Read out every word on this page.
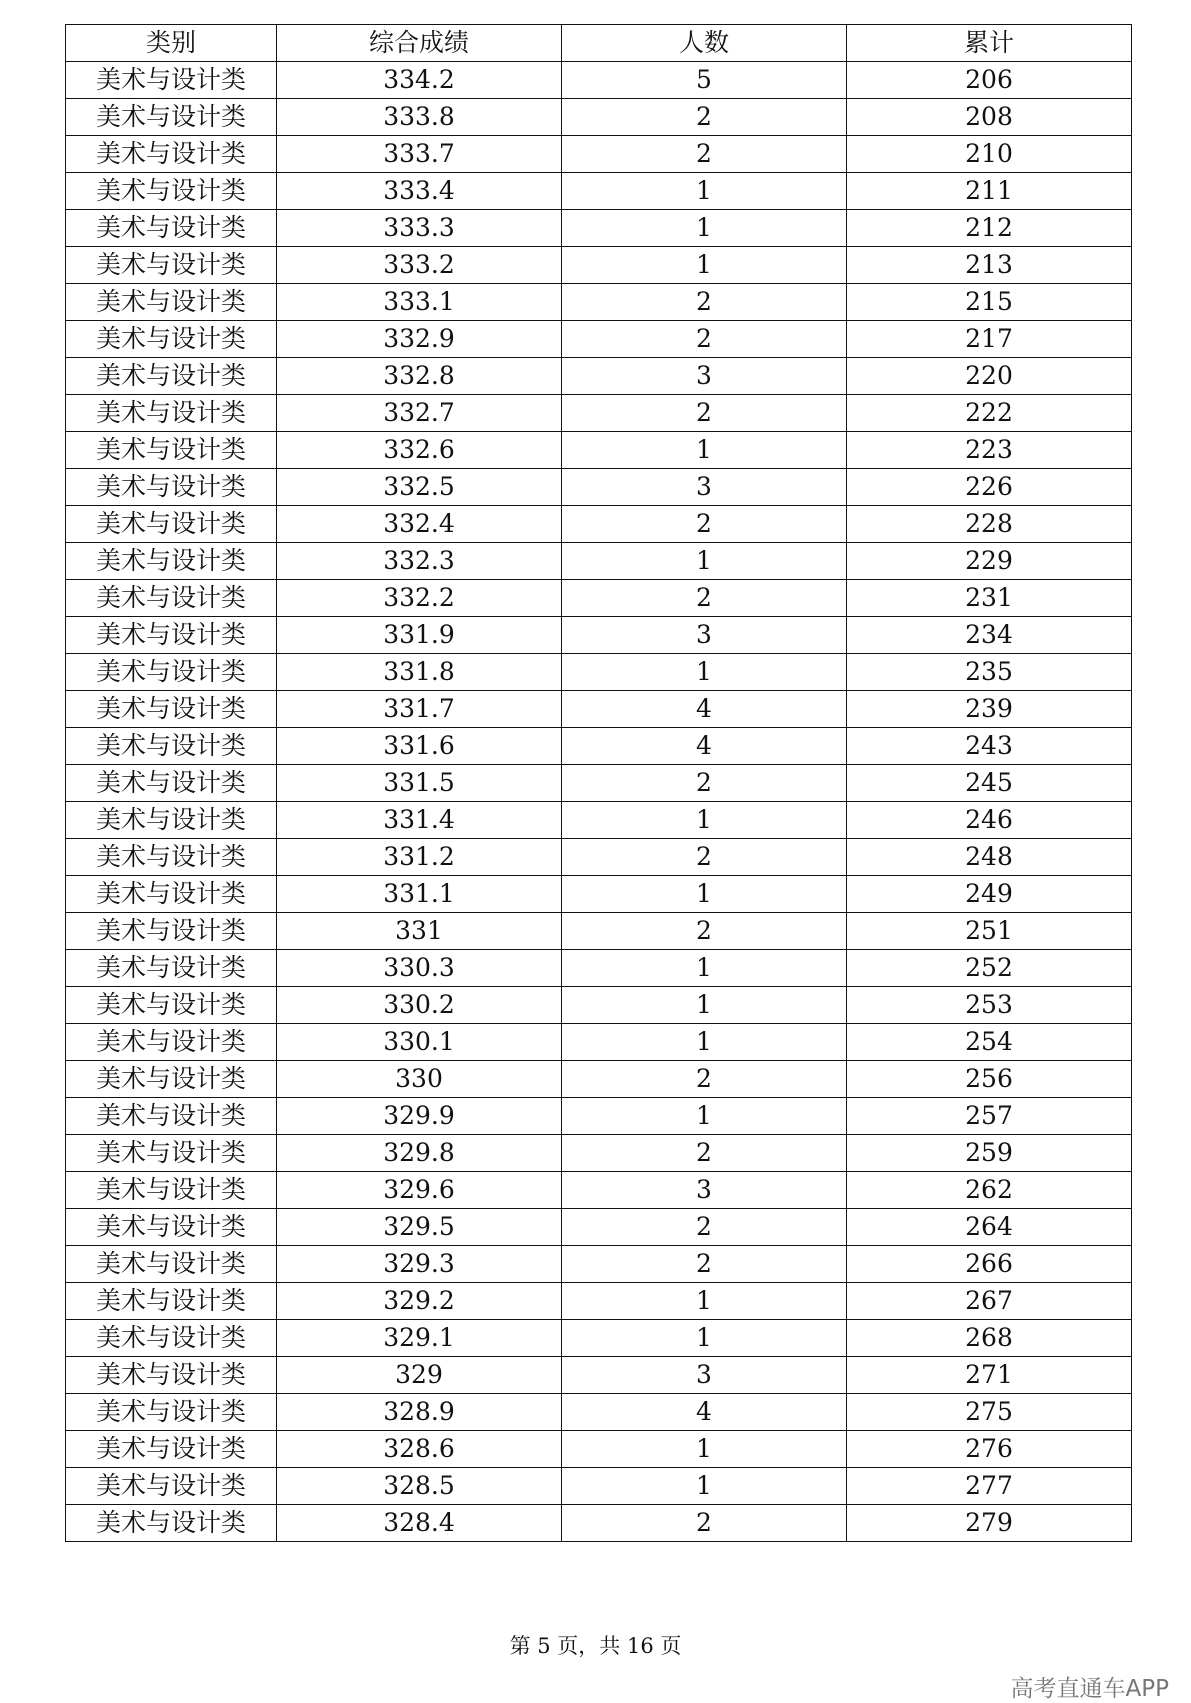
类别	综合成绩	人数	累计
美术与设计类	334.2	5	206
美术与设计类	333.8	2	208
美术与设计类	333.7	2	210
美术与设计类	333.4	1	211
美术与设计类	333.3	1	212
美术与设计类	333.2	1	213
美术与设计类	333.1	2	215
美术与设计类	332.9	2	217
美术与设计类	332.8	3	220
美术与设计类	332.7	2	222
美术与设计类	332.6	1	223
美术与设计类	332.5	3	226
美术与设计类	332.4	2	228
美术与设计类	332.3	1	229
美术与设计类	332.2	2	231
美术与设计类	331.9	3	234
美术与设计类	331.8	1	235
美术与设计类	331.7	4	239
美术与设计类	331.6	4	243
美术与设计类	331.5	2	245
美术与设计类	331.4	1	246
美术与设计类	331.2	2	248
美术与设计类	331.1	1	249
美术与设计类	331	2	251
美术与设计类	330.3	1	252
美术与设计类	330.2	1	253
美术与设计类	330.1	1	254
美术与设计类	330	2	256
美术与设计类	329.9	1	257
美术与设计类	329.8	2	259
美术与设计类	329.6	3	262
美术与设计类	329.5	2	264
美术与设计类	329.3	2	266
美术与设计类	329.2	1	267
美术与设计类	329.1	1	268
美术与设计类	329	3	271
美术与设计类	328.9	4	275
美术与设计类	328.6	1	276
美术与设计类	328.5	1	277
美术与设计类	328.4	2	279
第 5 页，共 16 页
高考直通车APP
